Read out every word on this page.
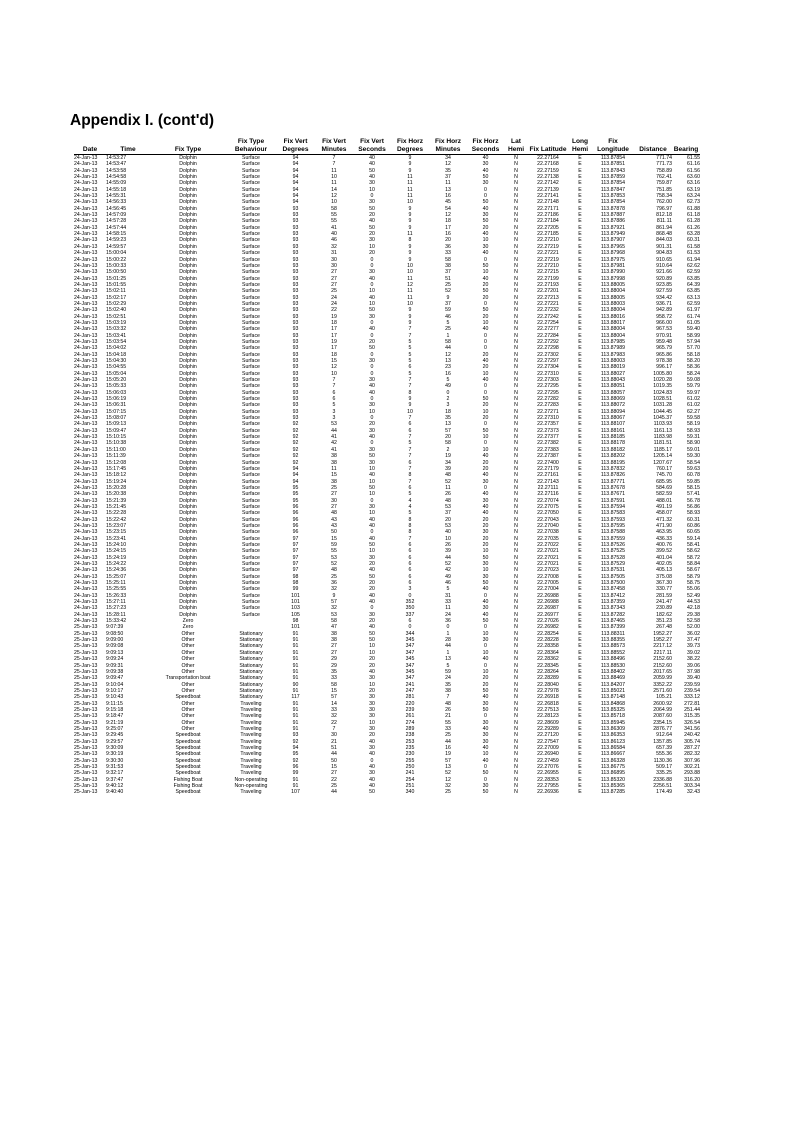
Appendix I. (cont'd)
Date	Time	Fix Type	Fix Type Behaviour	Fix Vert Degrees	Fix Vert Minutes	Fix Vert Seconds	Fix Horz Degrees	Fix Horz Minutes	Fix Horz Seconds	Lat Hemi	Fix Latitude	Long Hemi	Fix Longitude	Distance	Bearing
24-Jan-13	14:53:27	Dolphin	Surface	94	7	40	9	34	40	N	22.27164	E	113.87854	771.74	61.55
24-Jan-13	14:53:47	Dolphin	Surface	94	7	40	9	12	30	N	22.27168	E	113.87851	771.73	61.16
24-Jan-13	14:53:58	Dolphin	Surface	94	11	50	9	35	40	N	22.27159	E	113.87843	758.89	61.56
24-Jan-13	14:54:58	Dolphin	Surface	94	10	40	11	37	50	N	22.27138	E	113.87859	762.41	63.60
24-Jan-13	14:55:09	Dolphin	Surface	94	11	30	11	11	30	N	22.27142	E	113.87854	759.87	63.16
24-Jan-13	14:55:18	Dolphin	Surface	94	14	10	11	13	0	N	22.27139	E	113.87847	751.85	63.19
24-Jan-13	14:55:31	Dolphin	Surface	94	12	0	11	16	0	N	22.27141	E	113.87853	758.34	63.24
24-Jan-13	14:56:33	Dolphin	Surface	94	10	30	10	45	50	N	22.27148	E	113.87854	762.00	62.73
24-Jan-13	14:56:45	Dolphin	Surface	93	58	50	9	54	40	N	22.27171	E	113.87878	796.97	61.88
24-Jan-13	14:57:09	Dolphin	Surface	93	55	20	9	12	30	N	22.27186	E	113.87887	812.18	61.18
24-Jan-13	14:57:28	Dolphin	Surface	93	55	40	9	18	50	N	22.27184	E	113.87886	811.11	61.28
24-Jan-13	14:57:44	Dolphin	Surface	93	41	50	9	17	20	N	22.27205	E	113.87921	861.94	61.26
24-Jan-13	14:58:15	Dolphin	Surface	93	40	20	11	16	40	N	22.27185	E	113.87949	868.48	63.28
24-Jan-13	14:59:23	Dolphin	Surface	93	46	30	8	20	10	N	22.27210	E	113.87907	844.03	60.31
24-Jan-13	14:59:57	Dolphin	Surface	93	32	10	9	36	30	N	22.27219	E	113.87965	901.31	61.58
24-Jan-13	15:00:04	Dolphin	Surface	93	31	20	9	33	40	N	22.27221	E	113.87968	904.83	61.53
24-Jan-13	15:00:22	Dolphin	Surface	93	30	0	9	58	0	N	22.27219	E	113.87975	910.65	61.94
24-Jan-13	15:00:33	Dolphin	Surface	93	30	0	10	38	50	N	22.27210	E	113.87981	910.64	62.62
24-Jan-13	15:00:50	Dolphin	Surface	93	27	30	10	37	10	N	22.27215	E	113.87990	921.66	62.59
24-Jan-13	15:01:25	Dolphin	Surface	93	27	40	11	51	40	N	22.27199	E	113.87998	920.89	63.85
24-Jan-13	15:01:55	Dolphin	Surface	93	27	0	12	25	20	N	22.27193	E	113.88005	923.85	64.39
24-Jan-13	15:02:11	Dolphin	Surface	93	25	10	11	52	50	N	22.27201	E	113.88004	927.59	63.85
24-Jan-13	15:02:17	Dolphin	Surface	93	24	40	11	9	20	N	22.27213	E	113.88005	934.42	63.13
24-Jan-13	15:02:29	Dolphin	Surface	93	24	10	10	37	0	N	22.27221	E	113.88003	936.71	62.59
24-Jan-13	15:02:40	Dolphin	Surface	93	22	50	9	59	50	N	22.27232	E	113.88004	942.89	61.97
24-Jan-13	15:02:51	Dolphin	Surface	93	19	30	9	46	20	N	22.27242	E	113.88016	958.72	61.74
24-Jan-13	15:03:19	Dolphin	Surface	93	18	0	9	5	10	N	22.27254	E	113.88017	966.00	61.05
24-Jan-13	15:03:32	Dolphin	Surface	93	17	40	7	25	40	N	22.27277	E	113.88004	967.53	59.40
24-Jan-13	15:03:41	Dolphin	Surface	93	17	0	7	1	0	N	22.27284	E	113.88004	970.91	58.99
24-Jan-13	15:03:54	Dolphin	Surface	93	19	20	5	58	0	N	22.27292	E	113.87985	959.48	57.94
24-Jan-13	15:04:02	Dolphin	Surface	93	17	50	5	44	0	N	22.27298	E	113.87989	965.79	57.70
24-Jan-13	15:04:18	Dolphin	Surface	93	18	0	5	12	20	N	22.27302	E	113.87983	965.86	58.18
24-Jan-13	15:04:30	Dolphin	Surface	93	15	30	5	13	40	N	22.27297	E	113.88003	978.38	58.20
24-Jan-13	15:04:55	Dolphin	Surface	93	12	0	6	23	20	N	22.27304	E	113.88019	996.17	58.36
24-Jan-13	15:05:04	Dolphin	Surface	93	10	0	5	16	10	N	22.27310	E	113.88027	1005.80	58.24
24-Jan-13	15:05:20	Dolphin	Surface	93	7	30	7	5	40	N	22.27303	E	113.88043	1020.28	59.08
24-Jan-13	15:05:33	Dolphin	Surface	93	7	40	7	49	0	N	22.27295	E	113.88051	1019.35	59.79
24-Jan-13	15:06:03	Dolphin	Surface	93	6	40	8	0	0	N	22.27295	E	113.88057	1024.83	59.97
24-Jan-13	15:06:19	Dolphin	Surface	93	6	0	9	2	50	N	22.27282	E	113.88069	1028.51	61.02
24-Jan-13	15:06:31	Dolphin	Surface	93	5	30	9	3	20	N	22.27283	E	113.88072	1031.28	61.02
24-Jan-13	15:07:15	Dolphin	Surface	93	3	10	10	18	10	N	22.27271	E	113.88094	1044.45	62.27
24-Jan-13	15:08:07	Dolphin	Surface	93	3	0	7	35	20	N	22.27310	E	113.88067	1045.37	59.58
24-Jan-13	15:09:13	Dolphin	Surface	92	53	20	6	13	0	N	22.27357	E	113.88107	1103.93	58.19
24-Jan-13	15:09:47	Dolphin	Surface	92	44	30	6	57	50	N	22.27373	E	113.88161	1161.13	58.93
24-Jan-13	15:10:15	Dolphin	Surface	92	41	40	7	20	10	N	22.27377	E	113.88185	1183.98	59.31
24-Jan-13	15:10:38	Dolphin	Surface	92	42	0	5	58	0	N	22.27382	E	113.88178	1181.51	58.90
24-Jan-13	15:11:00	Dolphin	Surface	92	41	30	7	2	10	N	22.27383	E	113.88182	1185.17	59.01
24-Jan-13	15:11:39	Dolphin	Surface	92	38	50	7	19	40	N	22.27387	E	113.88202	1205.14	59.30
24-Jan-13	15:12:08	Dolphin	Surface	92	38	30	6	34	20	N	22.27400	E	113.88195	1207.67	58.54
24-Jan-13	15:17:45	Dolphin	Surface	94	11	10	7	39	20	N	22.27179	E	113.87832	760.17	59.63
24-Jan-13	15:18:12	Dolphin	Surface	94	15	40	8	48	40	N	22.27161	E	113.87826	745.70	60.78
24-Jan-13	15:19:24	Dolphin	Surface	94	38	10	7	52	30	N	22.27143	E	113.87771	685.95	59.85
24-Jan-13	15:20:28	Dolphin	Surface	95	25	50	6	11	0	N	22.27111	E	113.87678	584.69	58.15
24-Jan-13	15:20:38	Dolphin	Surface	95	27	10	5	26	40	N	22.27116	E	113.87671	582.59	57.41
24-Jan-13	15:21:39	Dolphin	Surface	95	30	0	4	48	30	N	22.27074	E	113.87591	488.01	56.78
24-Jan-13	15:21:45	Dolphin	Surface	96	27	30	4	53	40	N	22.27075	E	113.87594	491.19	56.86
24-Jan-13	15:22:28	Dolphin	Surface	96	48	10	5	37	40	N	22.27050	E	113.87583	458.07	58.93
24-Jan-13	15:22:42	Dolphin	Surface	96	43	40	8	20	20	N	22.27043	E	113.87593	471.32	60.31
24-Jan-13	15:23:07	Dolphin	Surface	96	43	40	8	53	20	N	22.27040	E	113.87595	471.90	60.86
24-Jan-13	15:23:15	Dolphin	Surface	96	50	0	8	40	30	N	22.27038	E	113.87588	463.95	60.65
24-Jan-13	15:23:41	Dolphin	Surface	97	15	40	7	10	20	N	22.27035	E	113.87559	436.33	59.14
24-Jan-13	15:24:10	Dolphin	Surface	97	59	50	6	26	20	N	22.27022	E	113.87526	400.76	58.41
24-Jan-13	15:24:15	Dolphin	Surface	97	55	10	6	39	10	N	22.27021	E	113.87525	399.52	58.62
24-Jan-13	15:24:19	Dolphin	Surface	97	53	30	6	44	50	N	22.27021	E	113.87528	401.04	58.72
24-Jan-13	15:24:22	Dolphin	Surface	97	52	20	6	52	30	N	22.27021	E	113.87529	402.05	58.84
24-Jan-13	15:24:36	Dolphin	Surface	97	48	40	6	42	10	N	22.27023	E	113.87531	405.13	58.67
24-Jan-13	15:25:07	Dolphin	Surface	98	25	50	6	49	30	N	22.27008	E	113.87505	375.08	58.79
24-Jan-13	15:25:11	Dolphin	Surface	98	36	20	6	46	50	N	22.27005	E	113.87500	367.30	58.75
24-Jan-13	15:25:55	Dolphin	Surface	99	32	20	3	5	40	N	22.27004	E	113.87458	330.77	55.06
24-Jan-13	15:26:33	Dolphin	Surface	101	9	40	0	31	0	N	22.26988	E	113.87412	281.59	52.49
24-Jan-13	15:27:11	Dolphin	Surface	101	57	40	352	33	40	N	22.26988	E	113.87359	241.47	44.53
24-Jan-13	15:27:23	Dolphin	Surface	103	32	0	350	11	30	N	22.26987	E	113.87343	230.89	42.18
24-Jan-13	15:28:11	Dolphin	Surface	105	53	30	337	24	40	N	22.26977	E	113.87282	182.62	29.38
24-Jan-13	15:33:42	Zero		98	58	20	6	36	50	N	22.27026	E	113.87465	351.23	52.58
25-Jan-13	9:07:39	Zero		101	47	40	0	0	0	N	22.26982	E	113.87399	267.48	52.00
25-Jan-13	9:08:50	Other	Stationary	91	38	50	344	1	10	N	22.28254	E	113.88311	1952.27	36.02
25-Jan-13	9:09:00	Other	Stationary	91	38	50	345	28	30	N	22.28228	E	113.88355	1952.27	37.47
25-Jan-13	9:09:08	Other	Stationary	91	27	10	347	44	0	N	22.28358	E	113.88573	2217.12	39.73
25-Jan-13	9:09:13	Other	Stationary	91	27	10	347	1	10	N	22.28364	E	113.88552	2217.11	39.02
25-Jan-13	9:09:24	Other	Stationary	91	29	20	345	13	40	N	22.28362	E	113.88496	2152.60	38.22
25-Jan-13	9:09:31	Other	Stationary	91	29	20	347	5	0	N	22.28345	E	113.88530	2152.60	39.06
25-Jan-13	9:09:38	Other	Stationary	91	35	40	345	59	10	N	22.28264	E	113.88402	2017.65	37.98
25-Jan-13	9:09:47	Transportation boat	Stationary	91	33	30	347	24	20	N	22.28289	E	113.88469	2059.99	39.40
25-Jan-13	9:10:04	Other	Stationary	90	58	10	241	35	20	N	22.28040	E	113.84207	3352.22	239.59
25-Jan-13	9:10:17	Other	Stationary	91	15	20	247	38	50	N	22.27978	E	113.85021	2571.60	239.54
25-Jan-13	9:10:43	Speedboat	Stationary	117	57	30	281	7	40	N	22.26918	E	113.87148	105.21	333.12
25-Jan-13	9:11:15	Other	Traveling	91	14	30	220	48	30	N	22.26818	E	113.84868	2600.92	272.81
25-Jan-13	9:15:18	Other	Traveling	91	33	30	239	26	50	N	22.27513	E	113.85325	2064.99	251.44
25-Jan-13	9:18:47	Other	Traveling	91	32	30	261	21	0	N	22.28123	E	113.85718	2087.60	315.35
25-Jan-13	9:21:19	Other	Traveling	91	22	10	274	55	30	N	22.28609	E	113.85945	2354.15	326.54
25-Jan-13	9:25:07	Other	Traveling	91	7	30	289	33	40	N	22.29289	E	113.86309	2876.77	341.56
25-Jan-13	9:29:45	Speedboat	Traveling	93	30	20	238	25	30	N	22.27120	E	113.86353	912.64	240.42
25-Jan-13	9:29:57	Speedboat	Traveling	92	21	40	253	44	30	N	22.27547	E	113.86123	1357.85	305.74
25-Jan-13	9:30:09	Speedboat	Traveling	94	51	30	235	16	40	N	22.27009	E	113.86584	657.39	287.27
25-Jan-13	9:30:19	Speedboat	Traveling	95	44	40	230	19	10	N	22.26940	E	113.86667	555.36	282.32
25-Jan-13	9:30:30	Speedboat	Traveling	92	50	0	255	57	40	N	22.27459	E	113.86328	1130.36	307.96
25-Jan-13	9:31:53	Speedboat	Traveling	96	15	40	250	13	0	N	22.27076	E	113.86775	509.17	302.21
25-Jan-13	9:32:17	Speedboat	Traveling	99	27	30	241	52	50	N	22.26955	E	113.86895	335.25	293.88
25-Jan-13	9:37:47	Fishing Boat	Non-operating	91	22	40	254	12	0	N	22.28353	E	113.85320	2336.88	316.20
25-Jan-13	9:40:12	Fishing Boat	Non-operating	91	25	40	251	32	30	N	22.27955	E	113.85365	2256.51	303.34
25-Jan-13	9:40:40	Speedboat	Traveling	107	44	50	340	25	50	N	22.26936	E	113.87285	174.49	32.43
